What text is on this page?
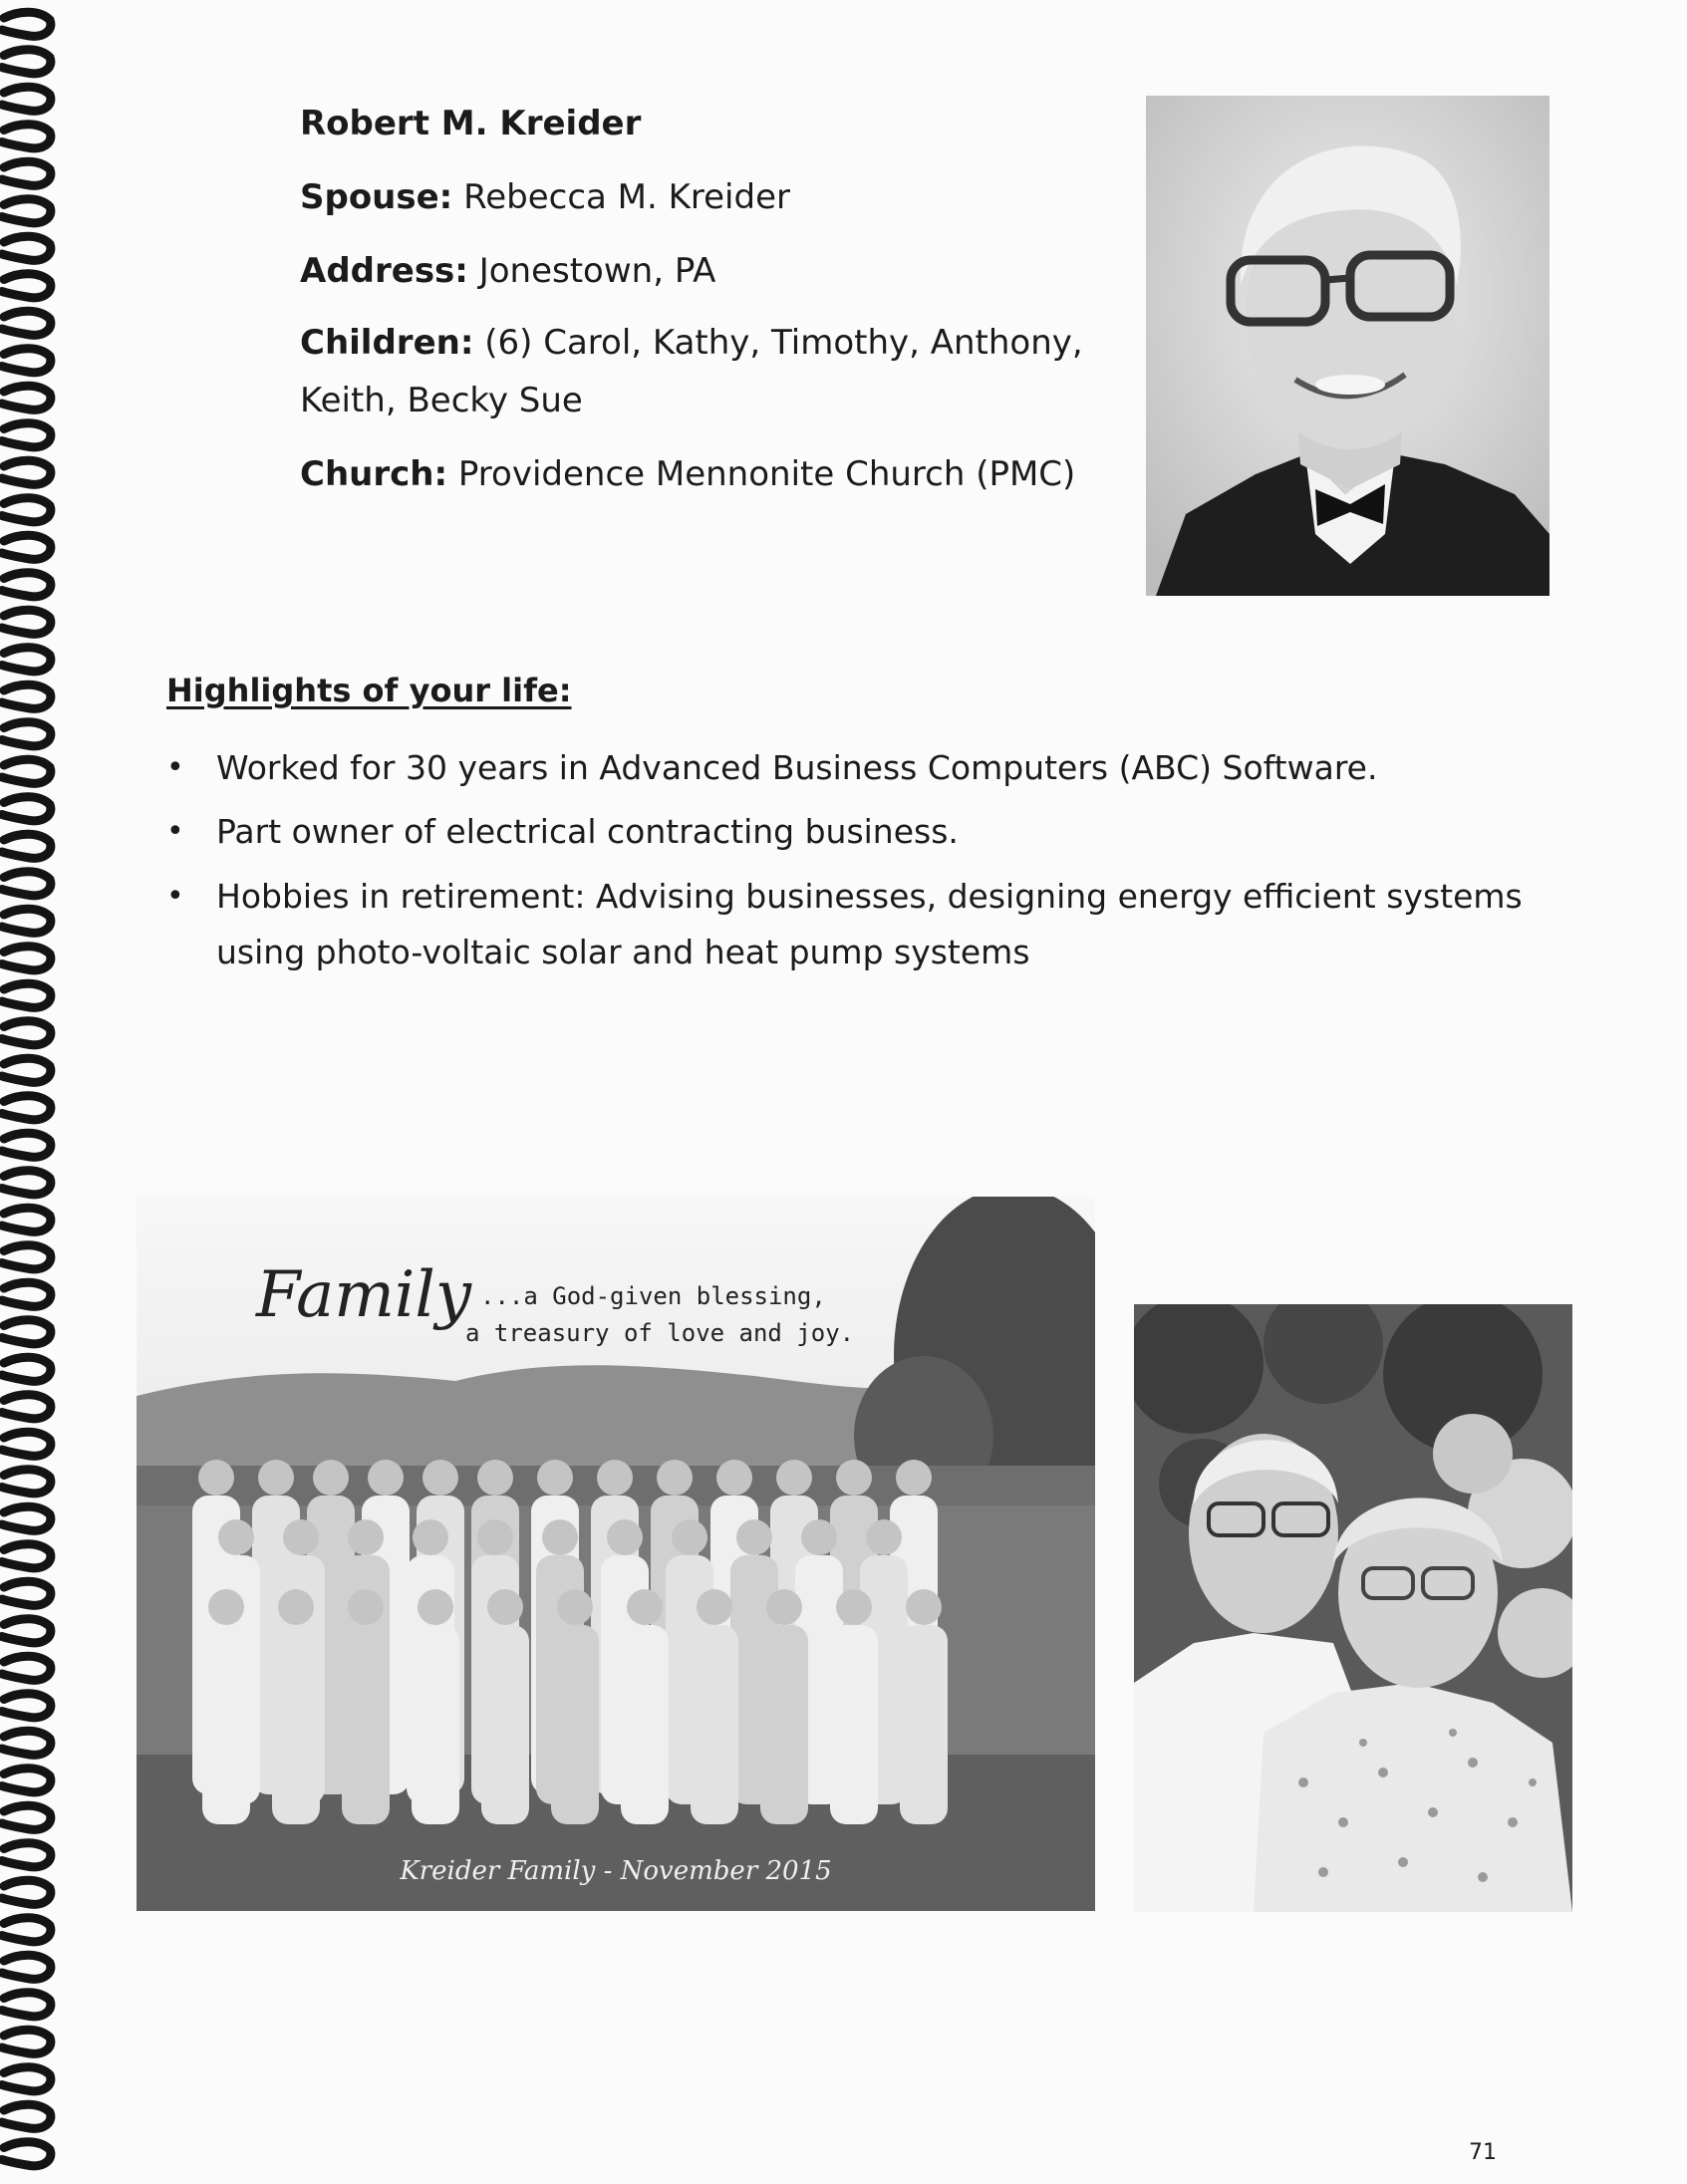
Robert M. Kreider
Spouse: Rebecca M. Kreider
Address: Jonestown, PA
Children: (6) Carol, Kathy, Timothy, Anthony,
Keith, Becky Sue
Church: Providence Mennonite Church (PMC)
Highlights of your life:
• Worked for 30 years in Advanced Business Computers (ABC) Software.
• Part owner of electrical contracting business.
• Hobbies in retirement: Advising businesses, designing energy efficient systems using photo-voltaic solar and heat pump systems
Family ...a God-given blessing,
a treasury of love and joy.
Kreider Family - November 2015
71
